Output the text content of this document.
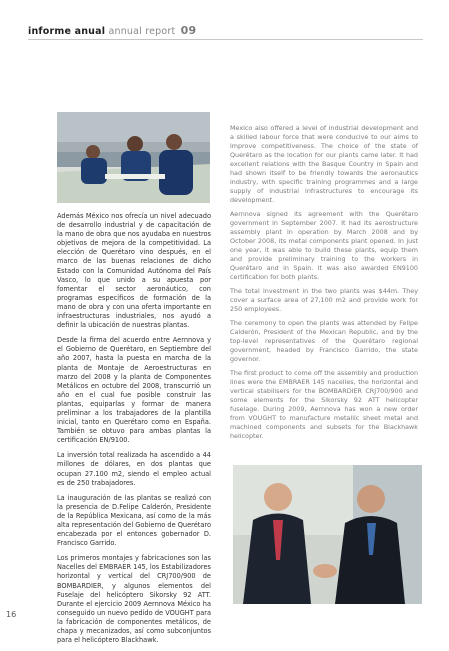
informe anual annual report 09

Además México nos ofrecía un nivel adecuado de desarrollo industrial y de capacitación de la mano de obra que nos ayudaba en nuestros objetivos de mejora de la competitividad. La elección de Querétaro vino después, en el marco de las buenas relaciones de dicho Estado con la Comunidad Autónoma del País Vasco, lo que unido a su apuesta por fomentar el sector aeronáutico, con programas específicos de formación de la mano de obra y con una oferta importante en infraestructuras industriales, nos ayudó a definir la ubicación de nuestras plantas.

Desde la firma del acuerdo entre Aernnova y el Gobierno de Querétaro, en Septiembre del año 2007, hasta la puesta en marcha de la planta de Montaje de Aeroestructuras en marzo del 2008 y la planta de Componentes Metálicos en octubre del 2008, transcurrió un año en el cual fue posible construir las plantas, equiparlas y formar de manera preliminar a los trabajadores de la plantilla inicial, tanto en Querétaro como en España. También se obtuvo para ambas plantas la certificación EN/9100.

La inversión total realizada ha ascendido a 44 millones de dólares, en dos plantas que ocupan 27.100 m2, siendo el empleo actual es de 250 trabajadores.

La inauguración de las plantas se realizó con la presencia de D.Felipe Calderón, Presidente de la República Mexicana, así como de la más alta representación del Gobierno de Querétaro encabezada por el entonces gobernador D. Francisco Garrido.

Los primeros montajes y fabricaciones son las Nacelles del EMBRAER 145, los Estabilizadores horizontal y vertical del CRJ700/900 de BOMBARDIER, y algunos elementos del Fuselaje del helicóptero Sikorsky 92 ATT. Durante el ejercicio 2009 Aernnova México ha conseguido un nuevo pedido de VOUGHT para la fabricación de componentes metálicos, de chapa y mecanizados, así como subconjuntos para el helicóptero Blackhawk.

Mexico also offered a level of industrial development and a skilled labour force that were conducive to our aims to improve competitiveness. The choice of the state of Querétaro as the location for our plants came later. It had excellent relations with the Basque Country in Spain and had shown itself to be friendly towards the aeronautics industry, with specific training programmes and a large supply of industrial infrastructures to encourage its development.

Aernnova signed its agreement with the Querétaro government in September 2007. It had its aerostructure assembly plant in operation by March 2008 and by October 2008, its metal components plant opened. In just one year, it was able to build these plants, equip them and provide preliminary training to the workers in Querétaro and in Spain. It was also awarded EN9100 certification for both plants.

The total investment in the two plants was $44m. They cover a surface area of 27,100 m2 and provide work for 250 employees.

The ceremony to open the plants was attended by Felipe Calderón, President of the Mexican Republic, and by the top-level representatives of the Querétaro regional government, headed by Francisco Garrido, the state governor.

The first product to come off the assembly and production lines were the EMBRAER 145 nacelles, the horizontal and vertical stabilisers for the BOMBARDIER CRJ700/900 and some elements for the Sikorsky 92 ATT helicopter fuselage. During 2009, Aernnova has won a new order from VOUGHT to manufacture metallic sheet metal and machined components and subsets for the Blackhawk helicopter.

16
